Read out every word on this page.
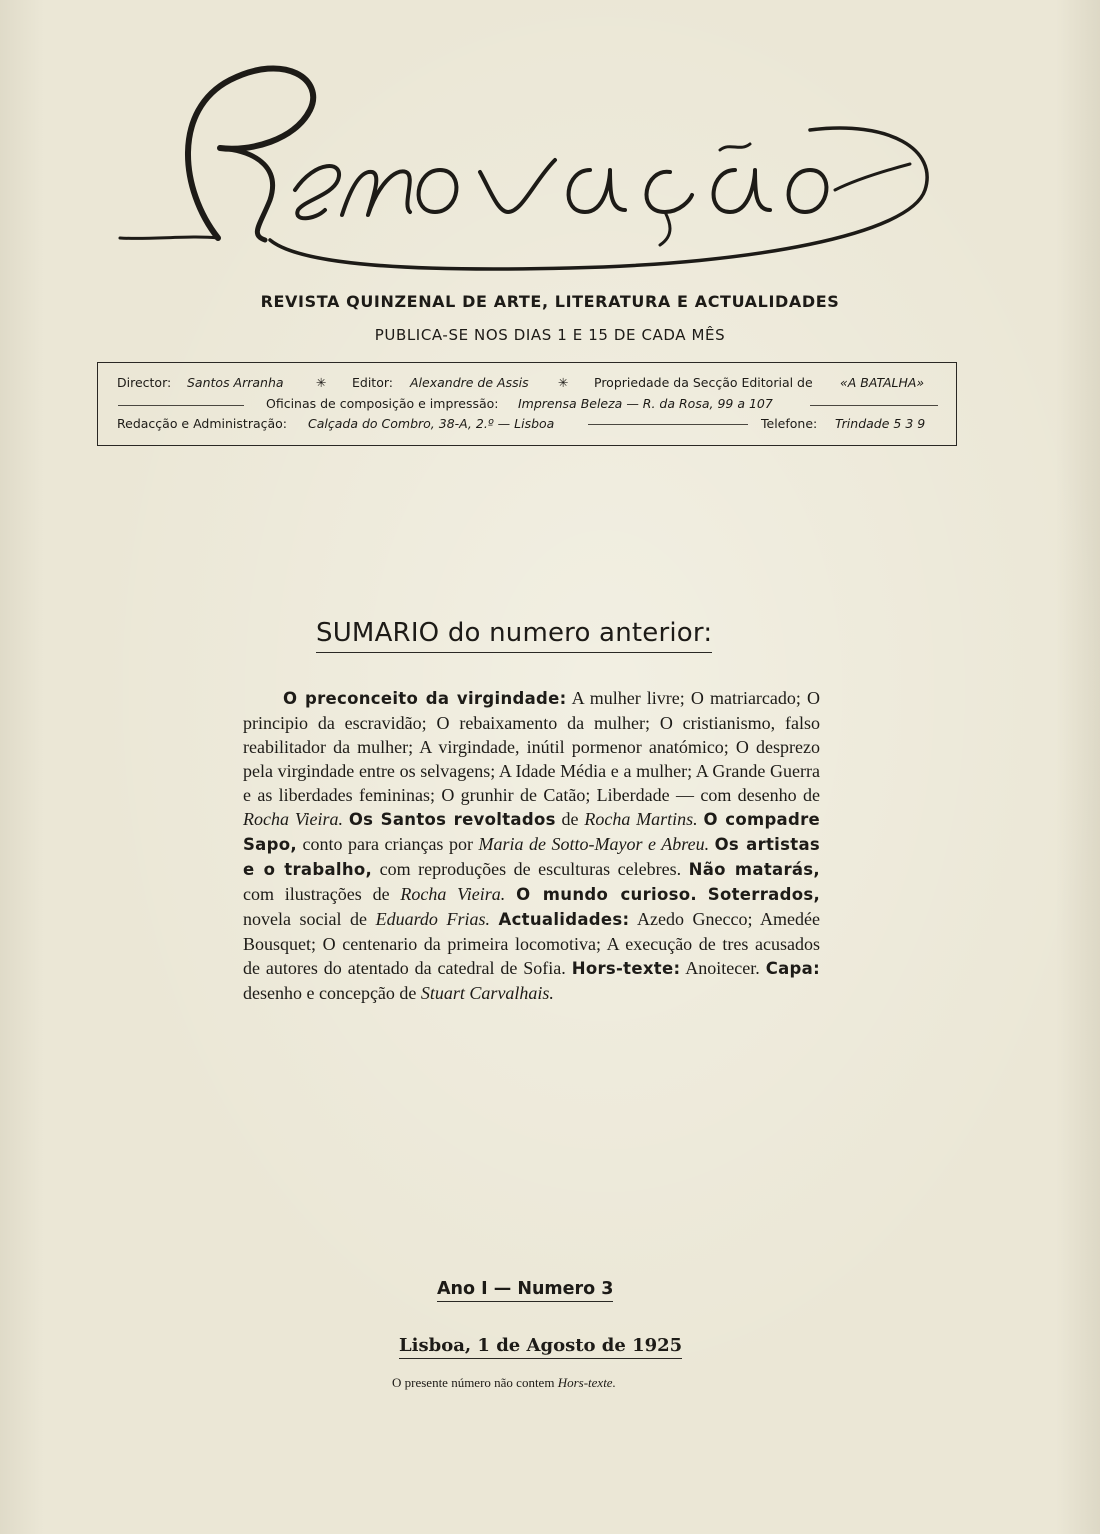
REVISTA QUINZENAL DE ARTE, LITERATURA E ACTUALIDADES
PUBLICA-SE NOS DIAS 1 E 15 DE CADA MÊS
Director: Santos Arranha	✳ Editor: Alexandre de Assis ✳ Propriedade da Secção Editorial de «A BATALHA»
Oficinas de composição e impressão: Imprensa Beleza — R. da Rosa, 99 a 107
Redacção e Administração: Calçada do Combro, 38-A, 2.º — Lisboa	Telefone: Trindade 5 3 9
SUMARIO do numero anterior:

O preconceito da virgindade: A mulher livre; O matriarcado; O principio da escravidão; O rebaixamento da mulher; O cristianismo, falso reabilitador da mulher; A virgindade, inútil pormenor anatómico; O desprezo pela virgindade entre os selvagens; A Idade Média e a mulher; A Grande Guerra e as liberdades femininas; O grunhir de Catão; Liberdade — com desenho de Rocha Vieira. Os Santos revoltados de Rocha Martins. O compadre Sapo, conto para crianças por Maria de Sotto-Mayor e Abreu. Os artistas e o trabalho, com reproduções de esculturas celebres. Não matarás, com ilustrações de Rocha Vieira. O mundo curioso. Soterrados, novela social de Eduardo Frias. Actualidades: Azedo Gnecco; Amedée Bousquet; O centenario da primeira locomotiva; A execução de tres acusados de autores do atentado da catedral de Sofia. Hors-texte: Anoitecer. Capa: desenho e concepção de Stuart Carvalhais.

Ano I — Numero 3
Lisboa, 1 de Agosto de 1925
O presente número não contem Hors-texte.
